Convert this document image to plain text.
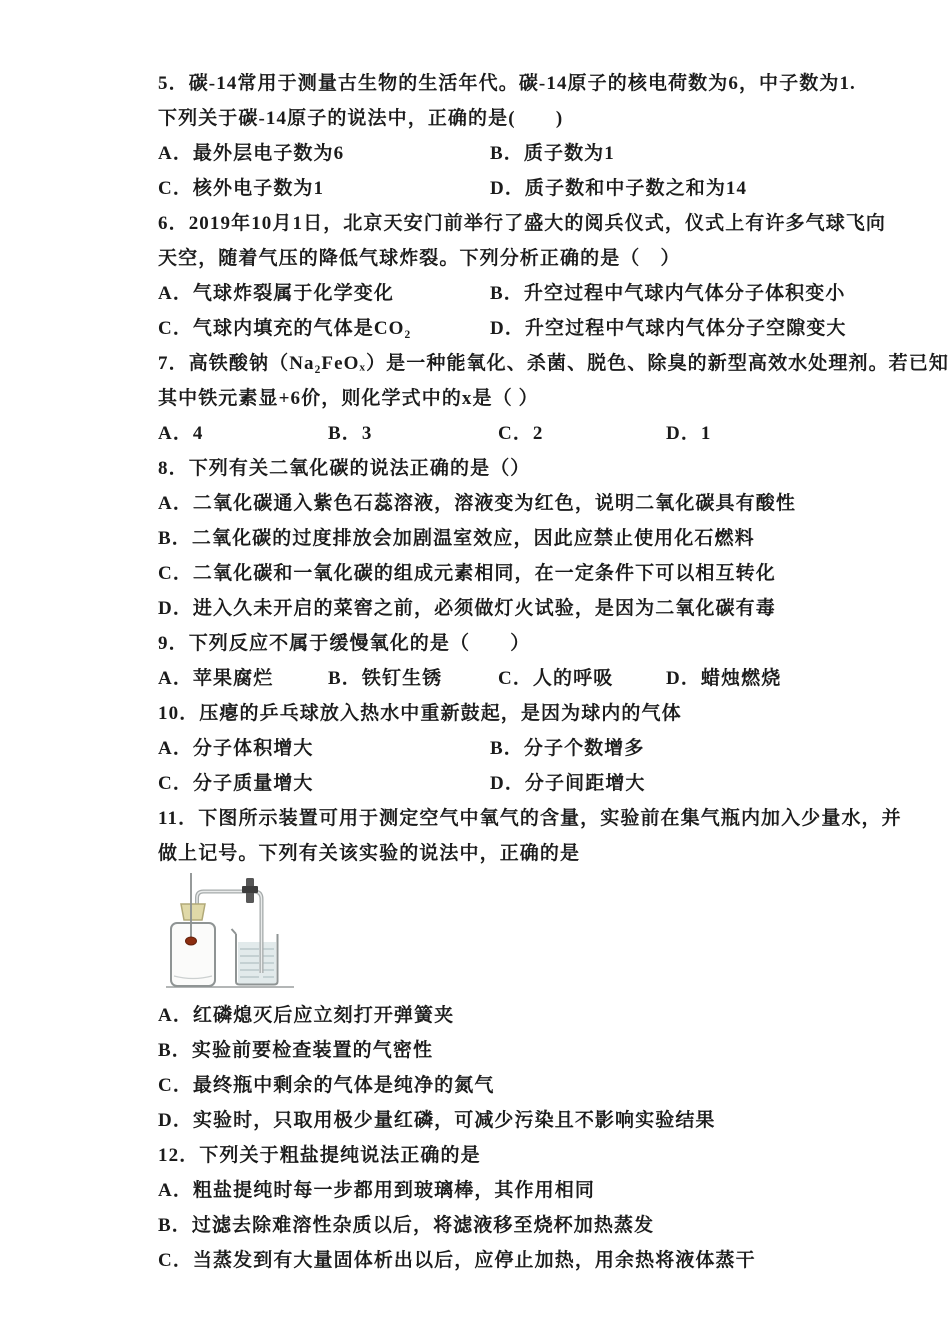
5．碳-14常用于测量古生物的生活年代。碳-14原子的核电荷数为6，中子数为1.
下列关于碳-14原子的说法中，正确的是(　　)
A．最外层电子数为6	B．质子数为1
C．核外电子数为1	D．质子数和中子数之和为14
6．2019年10月1日，北京天安门前举行了盛大的阅兵仪式，仪式上有许多气球飞向
天空，随着气压的降低气球炸裂。下列分析正确的是（　）
A．气球炸裂属于化学变化	B．升空过程中气球内气体分子体积变小
C．气球内填充的气体是CO₂	D．升空过程中气球内气体分子空隙变大
7．高铁酸钠（Na₂FeOₓ）是一种能氧化、杀菌、脱色、除臭的新型高效水处理剂。若已知
其中铁元素显+6价，则化学式中的x是（ ）
A．4	B．3	C．2	D．1
8．下列有关二氧化碳的说法正确的是（）
A．二氧化碳通入紫色石蕊溶液，溶液变为红色，说明二氧化碳具有酸性
B．二氧化碳的过度排放会加剧温室效应，因此应禁止使用化石燃料
C．二氧化碳和一氧化碳的组成元素相同，在一定条件下可以相互转化
D．进入久未开启的菜窖之前，必须做灯火试验，是因为二氧化碳有毒
9．下列反应不属于缓慢氧化的是（　　）
A．苹果腐烂	B．铁钉生锈	C．人的呼吸	D．蜡烛燃烧
10．压瘪的乒乓球放入热水中重新鼓起，是因为球内的气体
A．分子体积增大	B．分子个数增多
C．分子质量增大	D．分子间距增大
11．下图所示装置可用于测定空气中氧气的含量，实验前在集气瓶内加入少量水，并
做上记号。下列有关该实验的说法中，正确的是
A．红磷熄灭后应立刻打开弹簧夹
B．实验前要检查装置的气密性
C．最终瓶中剩余的气体是纯净的氮气
D．实验时，只取用极少量红磷，可减少污染且不影响实验结果
12．下列关于粗盐提纯说法正确的是
A．粗盐提纯时每一步都用到玻璃棒，其作用相同
B．过滤去除难溶性杂质以后，将滤液移至烧杯加热蒸发
C．当蒸发到有大量固体析出以后，应停止加热，用余热将液体蒸干
